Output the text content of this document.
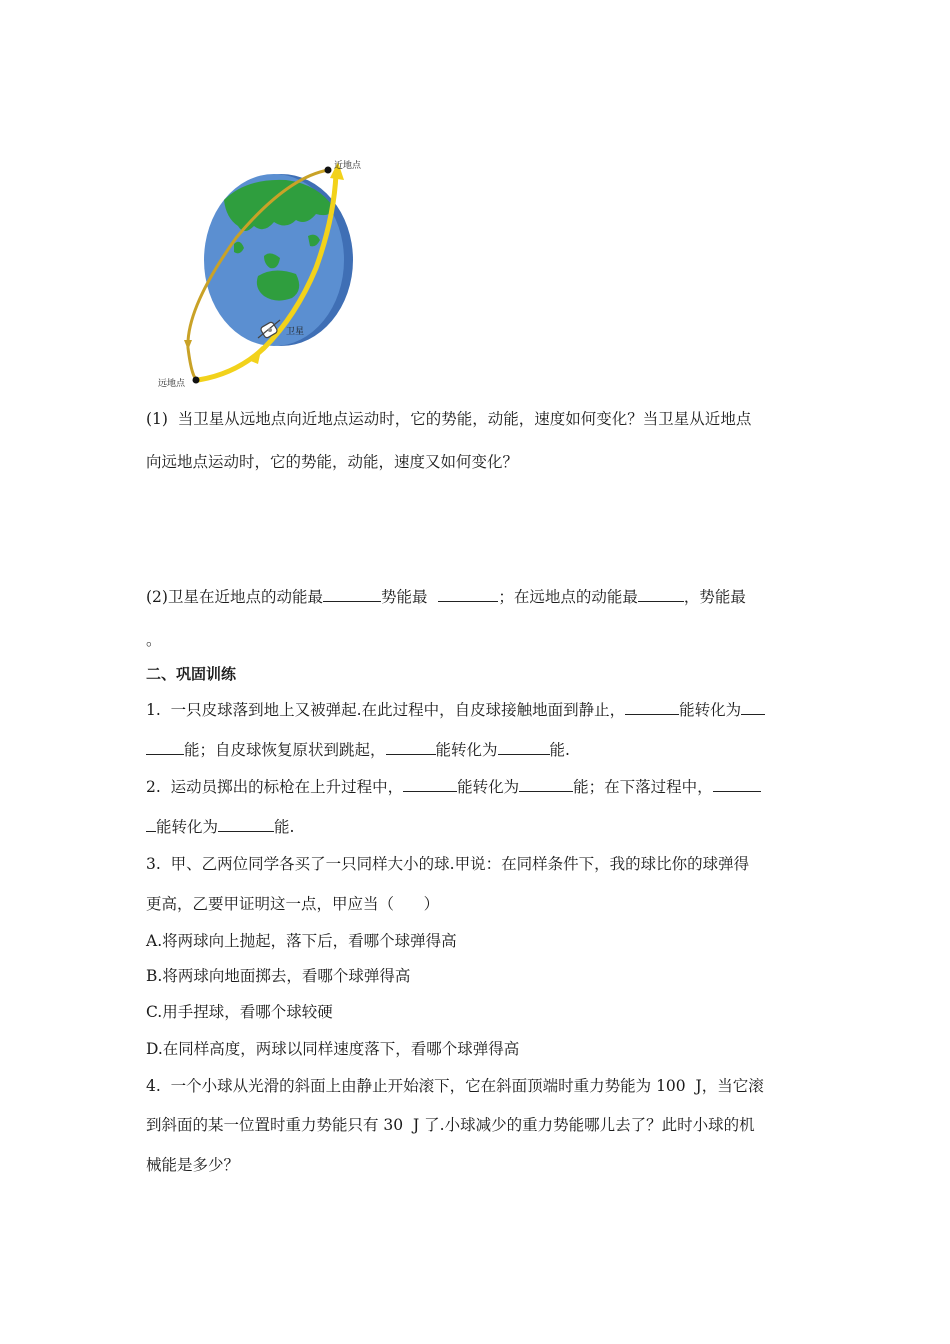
近地点
远地点
卫星
(1)  当卫星从远地点向近地点运动时，它的势能，动能，速度如何变化？当卫星从近地点
向远地点运动时，它的势能，动能，速度又如何变化？
(2)卫星在近地点的动能最	势能最	；在远地点的动能最	，势能最
。
二、巩固训练
1.  一只皮球落到地上又被弹起.在此过程中，自皮球接触地面到静止，	能转化为
能；自皮球恢复原状到跳起，	能转化为	能.
2.  运动员掷出的标枪在上升过程中，	能转化为	能；在下落过程中，
能转化为	能.
3.  甲、乙两位同学各买了一只同样大小的球.甲说：在同样条件下，我的球比你的球弹得
更高，乙要甲证明这一点，甲应当（      ）
A.将两球向上抛起，落下后，看哪个球弹得高
B.将两球向地面掷去，看哪个球弹得高
C.用手捏球，看哪个球较硬
D.在同样高度，两球以同样速度落下，看哪个球弹得高
4.  一个小球从光滑的斜面上由静止开始滚下，它在斜面顶端时重力势能为 100  J，当它滚
到斜面的某一位置时重力势能只有 30  J 了.小球减少的重力势能哪儿去了？此时小球的机
械能是多少？
